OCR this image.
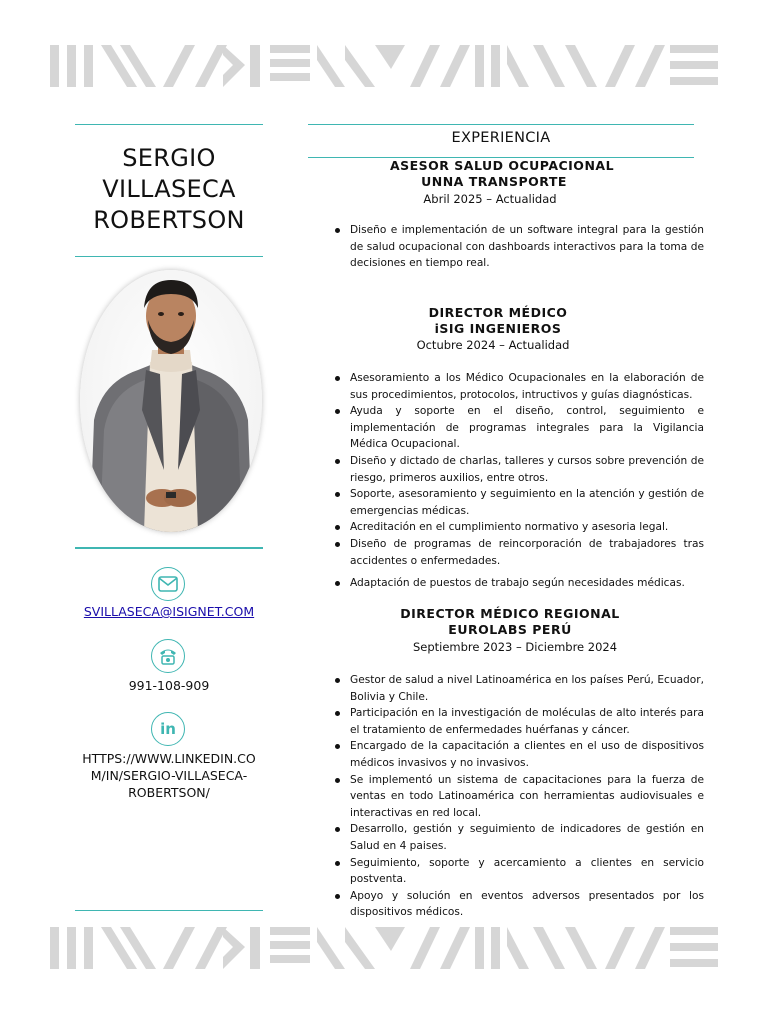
SERGIO
VILLASECA
ROBERTSON
SVILLASECA@ISIGNET.COM
991-108-909
in
HTTPS://WWW.LINKEDIN.CO
M/IN/SERGIO-VILLASECA-
ROBERTSON/
EXPERIENCIA
ASESOR SALUD OCUPACIONAL
UNNA TRANSPORTE
Abril 2025 – Actualidad
Diseño e implementación de un software integral para la gestión de salud ocupacional con dashboards interactivos para la toma de decisiones en tiempo real.
DIRECTOR MÉDICO
iSIG INGENIEROS
Octubre 2024 – Actualidad
Asesoramiento a los Médico Ocupacionales en la elaboración de sus procedimientos, protocolos, intructivos y guías diagnósticas.
Ayuda y soporte en el diseño, control, seguimiento e implementación de programas integrales para la Vigilancia Médica Ocupacional.
Diseño y dictado de charlas, talleres y cursos sobre prevención de riesgo, primeros auxilios, entre otros.
Soporte, asesoramiento y seguimiento en la atención y gestión de emergencias médicas.
Acreditación en el cumplimiento normativo y asesoria legal.
Diseño de programas de reincorporación de trabajadores tras accidentes o enfermedades.
Adaptación de puestos de trabajo según necesidades médicas.
DIRECTOR MÉDICO REGIONAL
EUROLABS PERÚ
Septiembre 2023 – Diciembre 2024
Gestor de salud a nivel Latinoamérica en los países Perú, Ecuador, Bolivia y Chile.
Participación en la investigación de moléculas de alto interés para el tratamiento de enfermedades huérfanas y cáncer.
Encargado de la capacitación a clientes en el uso de dispositivos médicos invasivos y no invasivos.
Se implementó un sistema de capacitaciones para la fuerza de ventas en todo Latinoamérica con herramientas audiovisuales e interactivas en red local.
Desarrollo, gestión y seguimiento de indicadores de gestión en Salud en 4 paises.
Seguimiento, soporte y acercamiento a clientes en servicio postventa.
Apoyo y solución en eventos adversos presentados por los dispositivos médicos.
